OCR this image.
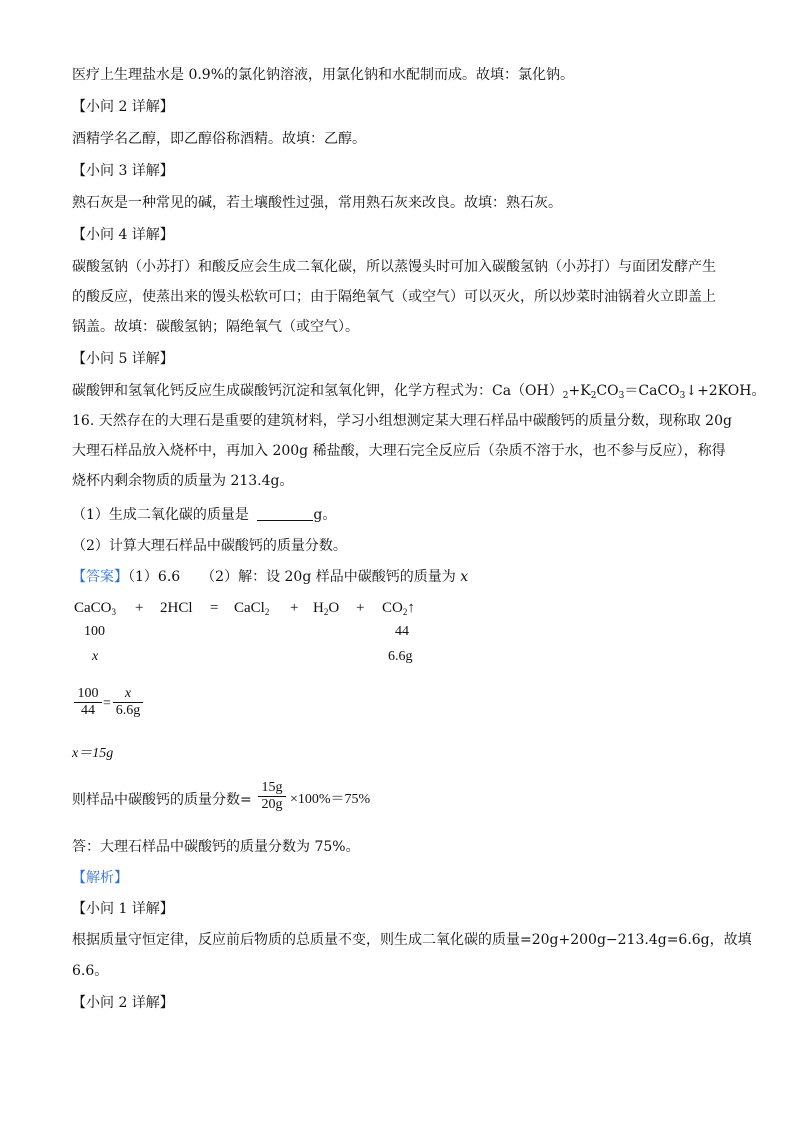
医疗上生理盐水是 0.9%的氯化钠溶液，用氯化钠和水配制而成。故填：氯化钠。
【小问 2 详解】
酒精学名乙醇，即乙醇俗称酒精。故填：乙醇。
【小问 3 详解】
熟石灰是一种常见的碱，若土壤酸性过强，常用熟石灰来改良。故填：熟石灰。
【小问 4 详解】
碳酸氢钠（小苏打）和酸反应会生成二氧化碳，所以蒸馒头时可加入碳酸氢钠（小苏打）与面团发酵产生
的酸反应，使蒸出来的馒头松软可口；由于隔绝氧气（或空气）可以灭火，所以炒菜时油锅着火立即盖上
锅盖。故填：碳酸氢钠；隔绝氧气（或空气）。
【小问 5 详解】
碳酸钾和氢氧化钙反应生成碳酸钙沉淀和氢氧化钾，化学方程式为：$Ca(OH)_2+K_2CO_3=CaCO_3↓+2KOH$。
16. 天然存在的大理石是重要的建筑材料，学习小组想测定某大理石样品中碳酸钙的质量分数，现称取 20g
大理石样品放入烧杯中，再加入 200g 稀盐酸，大理石完全反应后（杂质不溶于水，也不参与反应），称得
烧杯内剩余物质的质量为 213.4g。
（1）生成二氧化碳的质量是	g。
（2）计算大理石样品中碳酸钙的质量分数。
【答案】（1）6.6　　（2）解：设 20g 样品中碳酸钙的质量为 x
CaCO$_3$ + 2HCl = CaCl$_2$ + $H_2O$ + $CO_2↑$
100	44
x	6.6g
100
44 =
x
6.6g
x＝15g
则样品中碳酸钙的质量分数=
15g
20g ×100%＝75%
答：大理石样品中碳酸钙的质量分数为 75%。
【解析】
【小问 1 详解】
根据质量守恒定律，反应前后物质的总质量不变，则生成二氧化碳的质量=20g+200g−213.4g=6.6g，故填
6.6。
【小问 2 详解】
